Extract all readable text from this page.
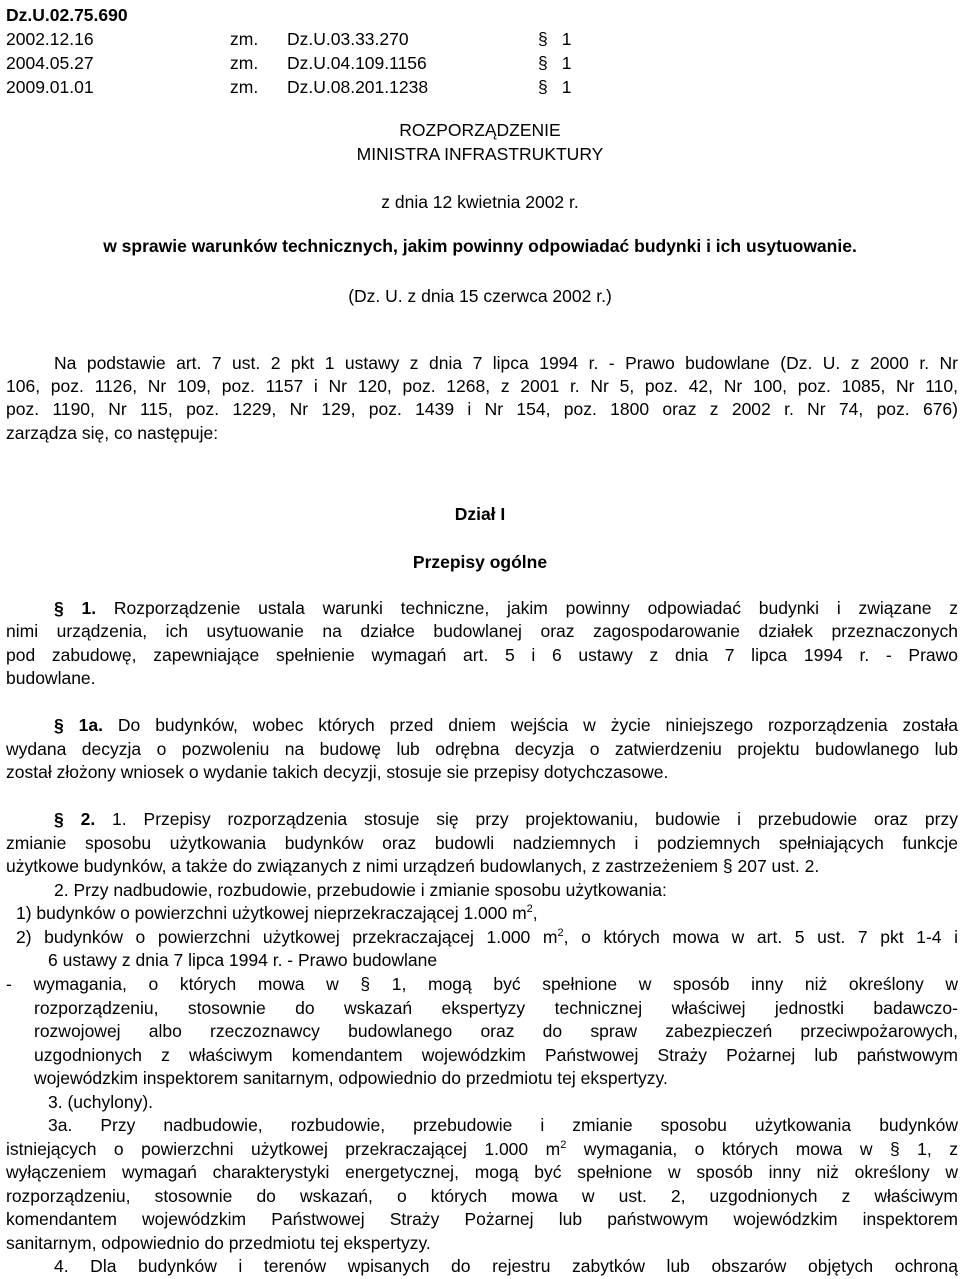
Dz.U.02.75.690
2002.12.16	zm. Dz.U.03.33.270	§ 1
2004.05.27	zm. Dz.U.04.109.1156	§ 1
2009.01.01	zm. Dz.U.08.201.1238	§ 1
ROZPORZĄDZENIE
MINISTRA INFRASTRUKTURY
z dnia 12 kwietnia 2002 r.
w sprawie warunków technicznych, jakim powinny odpowiadać budynki i ich usytuowanie.
(Dz. U. z dnia 15 czerwca 2002 r.)
Na podstawie art. 7 ust. 2 pkt 1 ustawy z dnia 7 lipca 1994 r. - Prawo budowlane (Dz. U. z 2000 r. Nr
106, poz. 1126, Nr 109, poz. 1157 i Nr 120, poz. 1268, z 2001 r. Nr 5, poz. 42, Nr 100, poz. 1085, Nr 110,
poz. 1190, Nr 115, poz. 1229, Nr 129, poz. 1439 i Nr 154, poz. 1800 oraz z 2002 r. Nr 74, poz. 676)
zarządza się, co następuje:
Dział I
Przepisy ogólne
§ 1. Rozporządzenie ustala warunki techniczne, jakim powinny odpowiadać budynki i związane z
nimi urządzenia, ich usytuowanie na działce budowlanej oraz zagospodarowanie działek przeznaczonych
pod zabudowę, zapewniające spełnienie wymagań art. 5 i 6 ustawy z dnia 7 lipca 1994 r. - Prawo
budowlane.
§ 1a. Do budynków, wobec których przed dniem wejścia w życie niniejszego rozporządzenia została
wydana decyzja o pozwoleniu na budowę lub odrębna decyzja o zatwierdzeniu projektu budowlanego lub
został złożony wniosek o wydanie takich decyzji, stosuje sie przepisy dotychczasowe.
§ 2. 1. Przepisy rozporządzenia stosuje się przy projektowaniu, budowie i przebudowie oraz przy
zmianie sposobu użytkowania budynków oraz budowli nadziemnych i podziemnych spełniających funkcje
użytkowe budynków, a także do związanych z nimi urządzeń budowlanych, z zastrzeżeniem § 207 ust. 2.
2. Przy nadbudowie, rozbudowie, przebudowie i zmianie sposobu użytkowania:
1) budynków o powierzchni użytkowej nieprzekraczającej 1.000 $m^2$,
2) budynków o powierzchni użytkowej przekraczającej 1.000 $m^2$, o których mowa w art. 5 ust. 7 pkt 1-4 i
6 ustawy z dnia 7 lipca 1994 r. - Prawo budowlane
- wymagania, o których mowa w § 1, mogą być spełnione w sposób inny niż określony w
rozporządzeniu, stosownie do wskazań ekspertyzy technicznej właściwej jednostki badawczo-
rozwojowej albo rzeczoznawcy budowlanego oraz do spraw zabezpieczeń przeciwpożarowych,
uzgodnionych z właściwym komendantem wojewódzkim Państwowej Straży Pożarnej lub państwowym
wojewódzkim inspektorem sanitarnym, odpowiednio do przedmiotu tej ekspertyzy.
3. (uchylony).
3a. Przy nadbudowie, rozbudowie, przebudowie i zmianie sposobu użytkowania budynków
istniejących o powierzchni użytkowej przekraczającej 1.000 $m^2$ wymagania, o których mowa w § 1, z
wyłączeniem wymagań charakterystyki energetycznej, mogą być spełnione w sposób inny niż określony w
rozporządzeniu, stosownie do wskazań, o których mowa w ust. 2, uzgodnionych z właściwym
komendantem wojewódzkim Państwowej Straży Pożarnej lub państwowym wojewódzkim inspektorem
sanitarnym, odpowiednio do przedmiotu tej ekspertyzy.
4. Dla budynków i terenów wpisanych do rejestru zabytków lub obszarów objętych ochroną
